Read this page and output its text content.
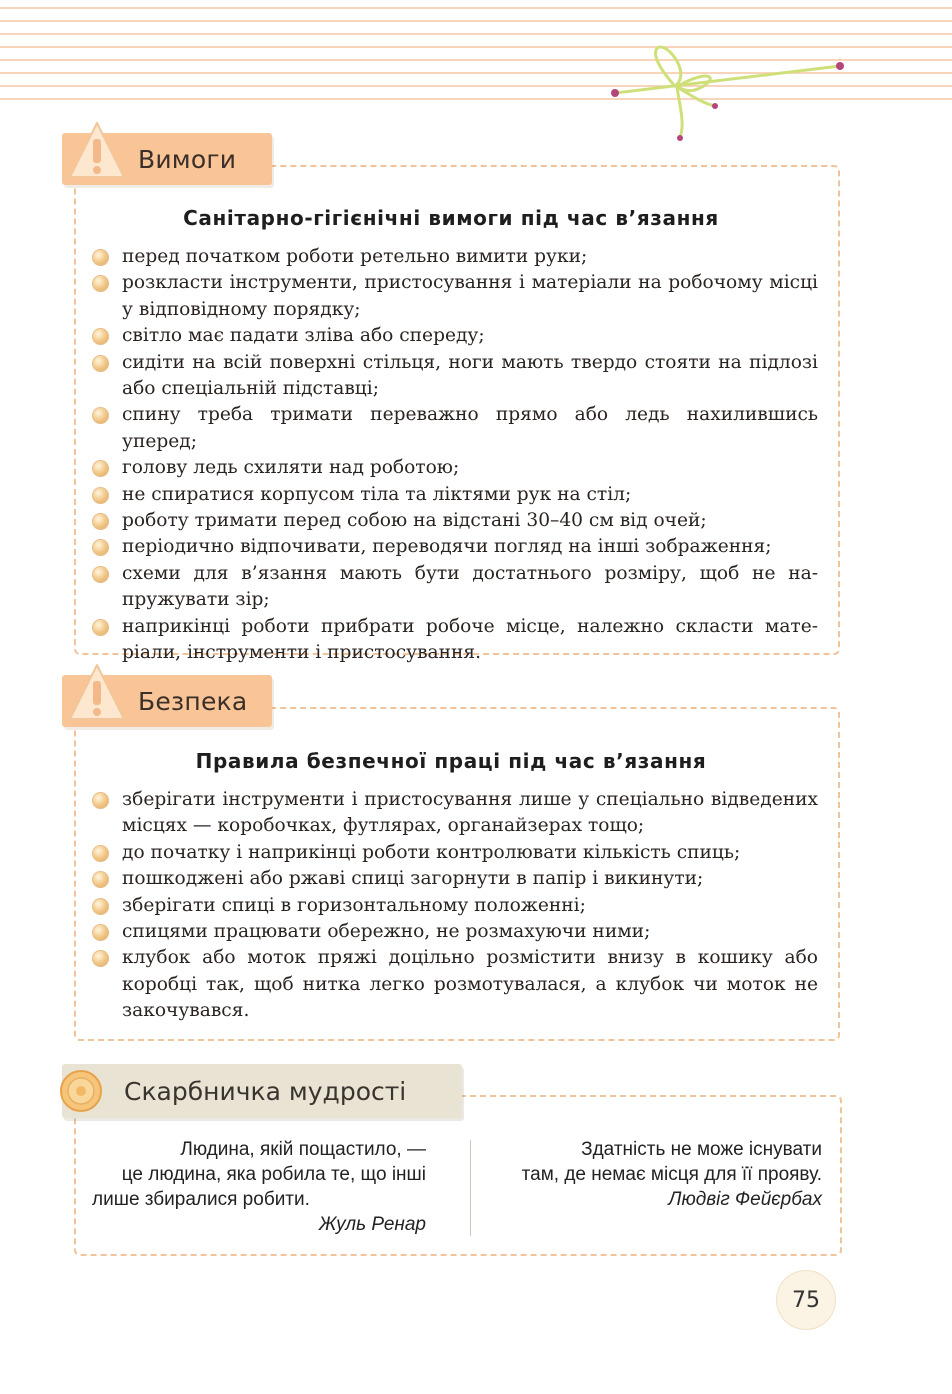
Вимоги
Санітарно-гігієнічні вимоги під час в’язання
перед початком роботи ретельно вимити руки;
розкласти інструменти, пристосування і матеріали на робочому місці у відповідному порядку;
світло має падати зліва або спереду;
сидіти на всій поверхні стільця, ноги мають твердо стояти на підлозі або спеціальній підставці;
спину треба тримати переважно прямо або ледь нахилившись уперед;
голову ледь схиляти над роботою;
не спиратися корпусом тіла та ліктями рук на стіл;
роботу тримати перед собою на відстані 30–40 см від очей;
періодично відпочивати, переводячи погляд на інші зображення;
схеми для в’язання мають бути достатнього розміру, щоб не напружувати зір;
наприкінці роботи прибрати робоче місце, належно скласти матеріали, інструменти і пристосування.
Безпека
Правила безпечної праці під час в’язання
зберігати інструменти і пристосування лише у спеціально відведених місцях — коробочках, футлярах, органайзерах тощо;
до початку і наприкінці роботи контролювати кількість спиць;
пошкоджені або ржаві спиці загорнути в папір і викинути;
зберігати спиці в горизонтальному положенні;
спицями працювати обережно, не розмахуючи ними;
клубок або моток пряжі доцільно розмістити внизу в кошику або коробці так, щоб нитка легко розмотувалася, а клубок чи моток не закочувався.
Скарбничка мудрості
Людина, якій пощастило, —
це людина, яка робила те, що інші
лише збиралися робити.
Жуль Ренар
Здатність не може існувати
там, де немає місця для її прояву.
Людвіг Фейєрбах
75
